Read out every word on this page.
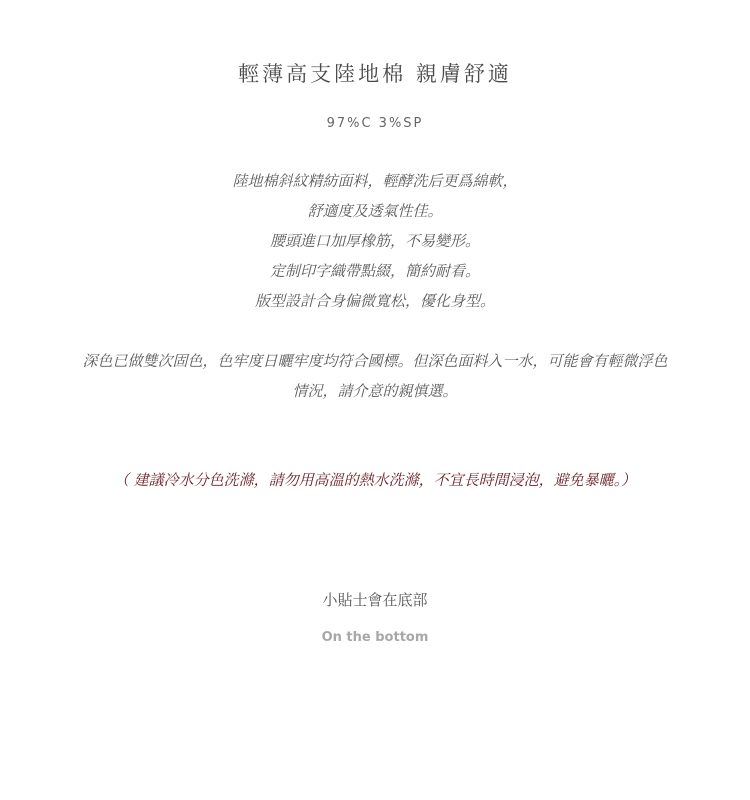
輕薄高支陸地棉 親膚舒適
97%C 3%SP
陸地棉斜紋精紡面料，輕酵洗后更爲綿軟，
舒適度及透氣性佳。
腰頭進口加厚橡筋，不易變形。
定制印字織帶點綴，簡約耐看。
版型設計合身偏微寬松，優化身型。
深色已做雙次固色，色牢度日曬牢度均符合國標。但深色面料入一水，可能會有輕微浮色
情況，請介意的親慎選。
（ 建議冷水分色洗滌，請勿用高溫的熱水洗滌，不宜長時間浸泡，避免暴曬。）
小貼士會在底部
On the bottom
